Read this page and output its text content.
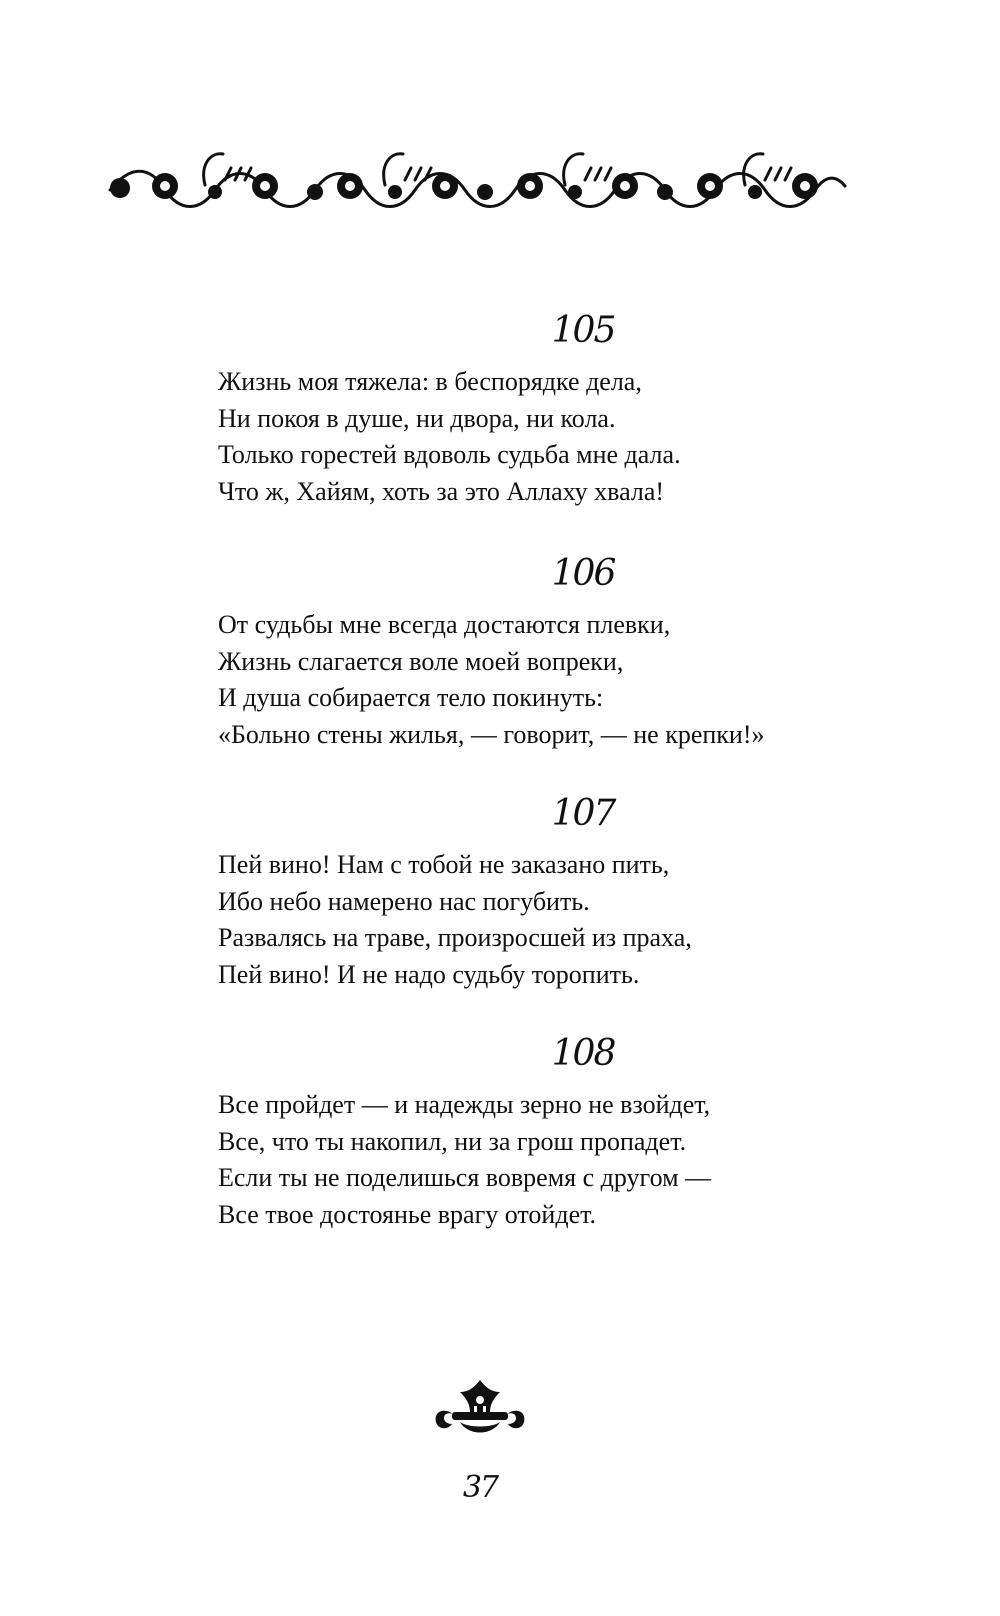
105
Жизнь моя тяжела: в беспорядке дела,
Ни покоя в душе, ни двора, ни кола.
Только горестей вдоволь судьба мне дала.
Что ж, Хайям, хоть за это Аллаху хвала!
106
От судьбы мне всегда достаются плевки,
Жизнь слагается воле моей вопреки,
И душа собирается тело покинуть:
«Больно стены жилья, — говорит, — не крепки!»
107
Пей вино! Нам с тобой не заказано пить,
Ибо небо намерено нас погубить.
Развалясь на траве, произросшей из праха,
Пей вино! И не надо судьбу торопить.
108
Все пройдет — и надежды зерно не взойдет,
Все, что ты накопил, ни за грош пропадет.
Если ты не поделишься вовремя с другом —
Все твое достоянье врагу отойдет.
37
